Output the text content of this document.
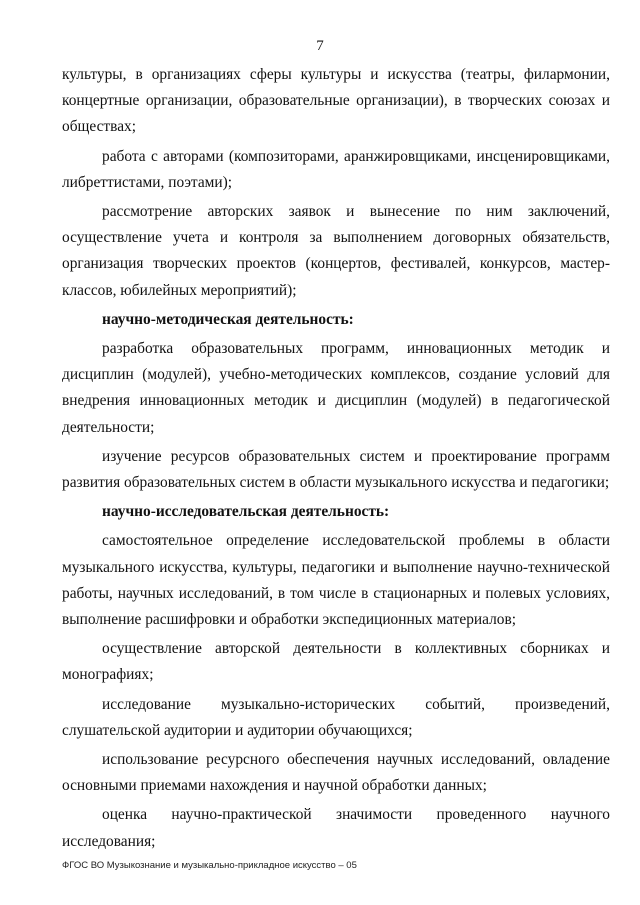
7

культуры, в организациях сферы культуры и искусства (театры, филармонии, концертные организации, образовательные организации), в творческих союзах и обществах;

работа с авторами (композиторами, аранжировщиками, инсценировщиками, либреттистами, поэтами);

рассмотрение авторских заявок и вынесение по ним заключений, осуществление учета и контроля за выполнением договорных обязательств, организация творческих проектов (концертов, фестивалей, конкурсов, мастер-классов, юбилейных мероприятий);

научно-методическая деятельность:

разработка образовательных программ, инновационных методик и дисциплин (модулей), учебно-методических комплексов, создание условий для внедрения инновационных методик и дисциплин (модулей) в педагогической деятельности;

изучение ресурсов образовательных систем и проектирование программ развития образовательных систем в области музыкального искусства и педагогики;

научно-исследовательская деятельность:

самостоятельное определение исследовательской проблемы в области музыкального искусства, культуры, педагогики и выполнение научно-технической работы, научных исследований, в том числе в стационарных и полевых условиях, выполнение расшифровки и обработки экспедиционных материалов;

осуществление авторской деятельности в коллективных сборниках и монографиях;

исследование музыкально-исторических событий, произведений, слушательской аудитории и аудитории обучающихся;

использование ресурсного обеспечения научных исследований, овладение основными приемами нахождения и научной обработки данных;

оценка научно-практической значимости проведенного научного исследования;

ФГОС ВО Музыкознание и музыкально-прикладное искусство – 05
